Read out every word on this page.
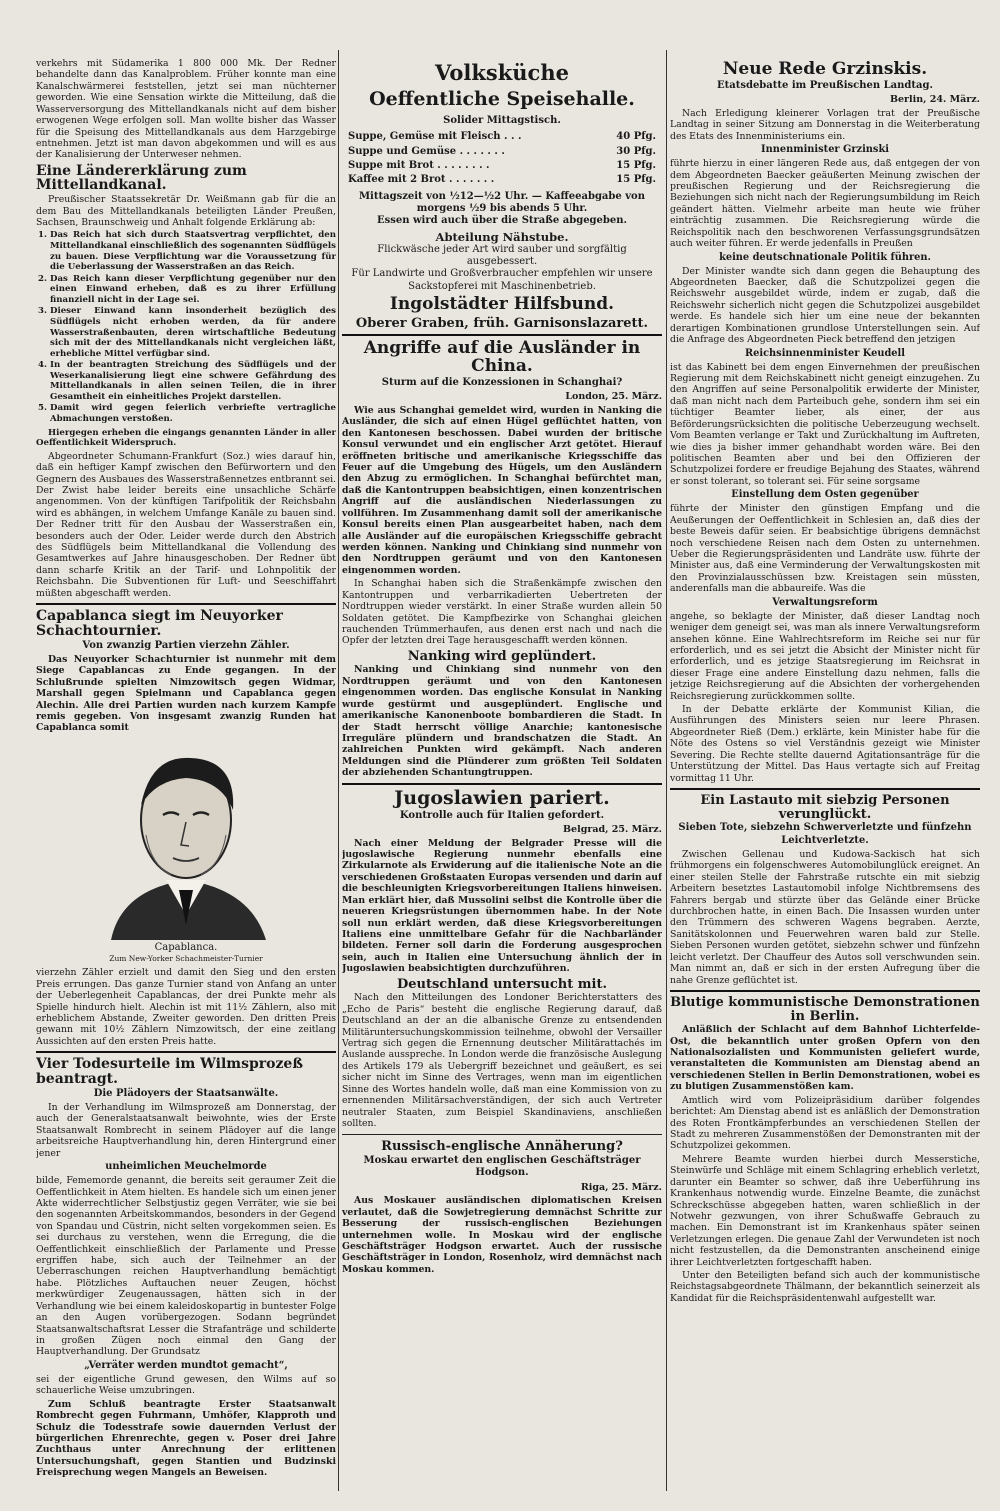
verkehrs mit Südamerika 1 800 000 Mk. Der Redner behandelte dann das Kanalproblem. Früher konnte man eine Kanalschwärmerei feststellen, jetzt sei man nüchterner geworden. Wie eine Sensation wirkte die Mitteilung, daß die Wasserversorgung des Mittellandkanals nicht auf dem bisher erwogenen Wege erfolgen soll. Man wollte bisher das Wasser für die Speisung des Mittellandkanals aus dem Harzgebirge entnehmen. Jetzt ist man davon abgekommen und will es aus der Kanalisierung der Unterweser nehmen.

Eine Ländererklärung zum Mittellandkanal.

Preußischer Staatssekretär Dr. Weißmann gab für die an dem Bau des Mittellandkanals beteiligten Länder Preußen, Sachsen, Braunschweig und Anhalt folgende Erklärung ab:

1. Das Reich hat sich durch Staatsvertrag verpflichtet, den Mittellandkanal einschließlich des sogenannten Südflügels zu bauen. Diese Verpflichtung war die Voraussetzung für die Ueberlassung der Wasserstraßen an das Reich.
2. Das Reich kann dieser Verpflichtung gegenüber nur den einen Einwand erheben, daß es zu ihrer Erfüllung finanziell nicht in der Lage sei.
3. Dieser Einwand kann insonderheit bezüglich des Südflügels nicht erhoben werden, da für andere Wasserstraßenbauten, deren wirtschaftliche Bedeutung sich mit der des Mittellandkanals nicht vergleichen läßt, erhebliche Mittel verfügbar sind.
4. In der beantragten Streichung des Südflügels und der Weserkanalisierung liegt eine schwere Gefährdung des Mittellandkanals in allen seinen Teilen, die in ihrer Gesamtheit ein einheitliches Projekt darstellen.
5. Damit wird gegen feierlich verbriefte vertragliche Abmachungen verstoßen.

Hiergegen erheben die eingangs genannten Länder in aller Oeffentlichkeit Widerspruch.

Abgeordneter Schumann-Frankfurt (Soz.) wies darauf hin, daß ein heftiger Kampf zwischen den Befürwortern und den Gegnern des Ausbaues des Wasserstraßennetzes entbrannt sei. Der Zwist habe leider bereits eine unsachliche Schärfe angenommen. Von der künftigen Tarifpolitik der Reichsbahn wird es abhängen, in welchem Umfange Kanäle zu bauen sind. Der Redner tritt für den Ausbau der Wasserstraßen ein, besonders auch der Oder. Leider werde durch den Abstrich des Südflügels beim Mittellandkanal die Vollendung des Gesamtwerkes auf Jahre hinausgeschoben. Der Redner übt dann scharfe Kritik an der Tarif- und Lohnpolitik der Reichsbahn. Die Subventionen für Luft- und Seeschiffahrt müßten abgeschafft werden.

Capablanca siegt im Neuyorker Schachtournier.
Von zwanzig Partien vierzehn Zähler.

Das Neuyorker Schachturnier ist nunmehr mit dem Siege Capablancas zu Ende gegangen. In der Schlußrunde spielten Nimzowitsch gegen Widmar, Marshall gegen Spielmann und Capablanca gegen Alechin. Alle drei Partien wurden nach kurzem Kampfe remis gegeben. Von insgesamt zwanzig Runden hat Capablanca somit

Capablanca.
Zum New-Yorker Schachmeister-Turnier

vierzehn Zähler erzielt und damit den Sieg und den ersten Preis errungen. Das ganze Turnier stand von Anfang an unter der Ueberlegenheit Capablancas, der drei Punkte mehr als Spielle hindurch hielt. Alechin ist mit 11½ Zählern, also mit erheblichem Abstande, Zweiter geworden. Den dritten Preis gewann mit 10½ Zählern Nimzowitsch, der eine zeitlang Aussichten auf den ersten Preis hatte.

Vier Todesurteile im Wilmsprozeß beantragt.
Die Plädoyers der Staatsanwälte.

In der Verhandlung im Wilmsprozeß am Donnerstag, der auch der Generalstaatsanwalt beiwohnte, wies der Erste Staatsanwalt Rombrecht in seinem Plädoyer auf die lange arbeitsreiche Hauptverhandlung hin, deren Hintergrund einer jener

unheimlichen Meuchelmorde

bilde, Fememorde genannt, die bereits seit geraumer Zeit die Oeffentlichkeit in Atem hielten. Es handele sich um einen jener Akte widerrechtlicher Selbstjustiz gegen Verräter, wie sie bei den sogenannten Arbeitskommandos, besonders in der Gegend von Spandau und Cüstrin, nicht selten vorgekommen seien. Es sei durchaus zu verstehen, wenn die Erregung, die die Oeffentlichkeit einschließlich der Parlamente und Presse ergriffen habe, sich auch der Teilnehmer an der Ueberraschungen reichen Hauptverhandlung bemächtigt habe. Plötzliches Auftauchen neuer Zeugen, höchst merkwürdiger Zeugenaussagen, hätten sich in der Verhandlung wie bei einem kaleidoskopartig in buntester Folge an den Augen vorübergezogen. Sodann begründet Staatsanwaltschaftsrat Lesser die Strafanträge und schilderte in großen Zügen noch einmal den Gang der Hauptverhandlung. Der Grundsatz

„Verräter werden mundtot gemacht“,

sei der eigentliche Grund gewesen, den Wilms auf so schauerliche Weise umzubringen.

Zum Schluß beantragte Erster Staatsanwalt Rombrecht gegen Fuhrmann, Umhöfer, Klapproth und Schulz die Todesstrafe sowie dauernden Verlust der bürgerlichen Ehrenrechte, gegen v. Poser drei Jahre Zuchthaus unter Anrechnung der erlittenen Untersuchungshaft, gegen Stantien und Budzinski Freisprechung wegen Mangels an Beweisen.

Volksküche
Oeffentliche Speisehalle.
Solider Mittagstisch.
Suppe, Gemüse mit Fleisch . . .	40 Pfg.
Suppe und Gemüse . . . . . . .	30 Pfg.
Suppe mit Brot . . . . . . . .	15 Pfg.
Kaffee mit 2 Brot . . . . . . .	15 Pfg.
Mittagszeit von ½12—½2 Uhr. — Kaffeeabgabe von morgens ½9 bis abends 5 Uhr.
Essen wird auch über die Straße abgegeben.
Abteilung Nähstube.
Flickwäsche jeder Art wird sauber und sorgfältig ausgebessert.
Für Landwirte und Großverbraucher empfehlen wir unsere Sackstopferei mit Maschinenbetrieb.
Ingolstädter Hilfsbund.
Oberer Graben, früh. Garnisonslazarett.
Angriffe auf die Ausländer in China.
Sturm auf die Konzessionen in Schanghai?
London, 25. März.

Wie aus Schanghai gemeldet wird, wurden in Nanking die Ausländer, die sich auf einen Hügel geflüchtet hatten, von den Kantonesen beschossen. Dabei wurden der britische Konsul verwundet und ein englischer Arzt getötet. Hierauf eröffneten britische und amerikanische Kriegsschiffe das Feuer auf die Umgebung des Hügels, um den Ausländern den Abzug zu ermöglichen. In Schanghai befürchtet man, daß die Kantontruppen beabsichtigen, einen konzentrischen Angriff auf die ausländischen Niederlassungen zu vollführen. Im Zusammenhang damit soll der amerikanische Konsul bereits einen Plan ausgearbeitet haben, nach dem alle Ausländer auf die europäischen Kriegsschiffe gebracht werden können. Nanking und Chinkiang sind nunmehr von den Nordtruppen geräumt und von den Kantonesen eingenommen worden.

In Schanghai haben sich die Straßenkämpfe zwischen den Kantontruppen und verbarrikadierten Uebertreten der Nordtruppen wieder verstärkt. In einer Straße wurden allein 50 Soldaten getötet. Die Kampfbezirke von Schanghai gleichen rauchenden Trümmerhaufen, aus denen erst nach und nach die Opfer der letzten drei Tage herausgeschafft werden können.

Nanking wird geplündert.

Nanking und Chinkiang sind nunmehr von den Nordtruppen geräumt und von den Kantonesen eingenommen worden. Das englische Konsulat in Nanking wurde gestürmt und ausgeplündert. Englische und amerikanische Kanonenboote bombardieren die Stadt. In der Stadt herrscht völlige Anarchie; kantonesische Irreguläre plündern und brandschatzen die Stadt. An zahlreichen Punkten wird gekämpft. Nach anderen Meldungen sind die Plünderer zum größten Teil Soldaten der abziehenden Schantungtruppen.

Jugoslawien pariert.
Kontrolle auch für Italien gefordert.
Belgrad, 25. März.

Nach einer Meldung der Belgrader Presse will die jugoslawische Regierung nunmehr ebenfalls eine Zirkularnote als Erwiderung auf die italienische Note an die verschiedenen Großstaaten Europas versenden und darin auf die beschleunigten Kriegsvorbereitungen Italiens hinweisen. Man erklärt hier, daß Mussolini selbst die Kontrolle über die neueren Kriegsrüstungen übernommen habe. In der Note soll nun erklärt werden, daß diese Kriegsvorbereitungen Italiens eine unmittelbare Gefahr für die Nachbarländer bildeten. Ferner soll darin die Forderung ausgesprochen sein, auch in Italien eine Untersuchung ähnlich der in Jugoslawien beabsichtigten durchzuführen.

Deutschland untersucht mit.

Nach den Mitteilungen des Londoner Berichterstatters des „Echo de Paris“ besteht die englische Regierung darauf, daß Deutschland an der an die albanische Grenze zu entsendenden Militäruntersuchungskommission teilnehme, obwohl der Versailler Vertrag sich gegen die Ernennung deutscher Militärattachés im Auslande ausspreche. In London werde die französische Auslegung des Artikels 179 als Uebergriff bezeichnet und geäußert, es sei sicher nicht im Sinne des Vertrages, wenn man im eigentlichen Sinne des Wortes handeln wolle, daß man eine Kommission von zu ernennenden Militärsachverständigen, der sich auch Vertreter neutraler Staaten, zum Beispiel Skandinaviens, anschließen sollten.

Russisch-englische Annäherung?
Moskau erwartet den englischen Geschäftsträger Hodgson.
Riga, 25. März.

Aus Moskauer ausländischen diplomatischen Kreisen verlautet, daß die Sowjetregierung demnächst Schritte zur Besserung der russisch-englischen Beziehungen unternehmen wolle. In Moskau wird der englische Geschäftsträger Hodgson erwartet. Auch der russische Geschäftsträger in London, Rosenholz, wird demnächst nach Moskau kommen.

Neue Rede Grzinskis.
Etatsdebatte im Preußischen Landtag.
Berlin, 24. März.

Nach Erledigung kleinerer Vorlagen trat der Preußische Landtag in seiner Sitzung am Donnerstag in die Weiterberatung des Etats des Innenministeriums ein.

Innenminister Grzinski

führte hierzu in einer längeren Rede aus, daß entgegen der von dem Abgeordneten Baecker geäußerten Meinung zwischen der preußischen Regierung und der Reichsregierung die Beziehungen sich nicht nach der Regierungsumbildung im Reich geändert hätten. Vielmehr arbeite man heute wie früher einträchtig zusammen. Die Reichsregierung würde die Reichspolitik nach den beschworenen Verfassungsgrundsätzen auch weiter führen. Er werde jedenfalls in Preußen

keine deutschnationale Politik führen.

Der Minister wandte sich dann gegen die Behauptung des Abgeordneten Baecker, daß die Schutzpolizei gegen die Reichswehr ausgebildet würde, indem er zugab, daß die Reichswehr sicherlich nicht gegen die Schutzpolizei ausgebildet werde. Es handele sich hier um eine neue der bekannten derartigen Kombinationen grundlose Unterstellungen sein. Auf die Anfrage des Abgeordneten Pieck betreffend den jetzigen

Reichsinnenminister Keudell

ist das Kabinett bei dem engen Einvernehmen der preußischen Regierung mit dem Reichskabinett nicht geneigt einzugehen. Zu den Angriffen auf seine Personalpolitik erwiderte der Minister, daß man nicht nach dem Parteibuch gehe, sondern ihm sei ein tüchtiger Beamter lieber, als einer, der aus Beförderungsrücksichten die politische Ueberzeugung wechselt. Vom Beamten verlange er Takt und Zurückhaltung im Auftreten, wie dies ja bisher immer gehandhabt worden wäre. Bei den politischen Beamten aber und bei den Offizieren der Schutzpolizei fordere er freudige Bejahung des Staates, während er sonst tolerant, so tolerant sei. Für seine sorgsame

Einstellung dem Osten gegenüber

führte der Minister den günstigen Empfang und die Aeußerungen der Oeffentlichkeit in Schlesien an, daß dies der beste Beweis dafür seien. Er beabsichtige übrigens demnächst noch verschiedene Reisen nach dem Osten zu unternehmen. Ueber die Regierungspräsidenten und Landräte usw. führte der Minister aus, daß eine Verminderung der Verwaltungskosten mit den Provinzialausschüssen bzw. Kreistagen sein müssten, anderenfalls man die abbaureife. Was die

Verwaltungsreform

angehe, so beklagte der Minister, daß dieser Landtag noch weniger dem geneigt sei, was man als innere Verwaltungsreform ansehen könne. Eine Wahlrechtsreform im Reiche sei nur für erforderlich, und es sei jetzt die Absicht der Minister nicht für erforderlich, und es jetzige Staatsregierung im Reichsrat in dieser Frage eine andere Einstellung dazu nehmen, falls die jetzige Reichsregierung auf die Absichten der vorhergehenden Reichsregierung zurückkommen sollte.

In der Debatte erklärte der Kommunist Kilian, die Ausführungen des Ministers seien nur leere Phrasen. Abgeordneter Rieß (Dem.) erklärte, kein Minister habe für die Nöte des Ostens so viel Verständnis gezeigt wie Minister Severing. Die Rechte stellte dauernd Agitationsanträge für die Unterstützung der Mittel. Das Haus vertagte sich auf Freitag vormittag 11 Uhr.

Ein Lastauto mit siebzig Personen verunglückt.
Sieben Tote, siebzehn Schwerverletzte und fünfzehn Leichtverletzte.

Zwischen Gellenau und Kudowa-Sackisch hat sich frühmorgens ein folgenschweres Automobilunglück ereignet. An einer steilen Stelle der Fahrstraße rutschte ein mit siebzig Arbeitern besetztes Lastautomobil infolge Nichtbremsens des Fahrers bergab und stürzte über das Gelände einer Brücke durchbrochen hatte, in einen Bach. Die Insassen wurden unter den Trümmern des schweren Wagens begraben. Aerzte, Sanitätskolonnen und Feuerwehren waren bald zur Stelle. Sieben Personen wurden getötet, siebzehn schwer und fünfzehn leicht verletzt. Der Chauffeur des Autos soll verschwunden sein. Man nimmt an, daß er sich in der ersten Aufregung über die nahe Grenze geflüchtet ist.

Blutige kommunistische Demonstrationen in Berlin.

Anläßlich der Schlacht auf dem Bahnhof Lichterfelde-Ost, die bekanntlich unter großen Opfern von den Nationalsozialisten und Kommunisten geliefert wurde, veranstalteten die Kommunisten am Dienstag abend an verschiedenen Stellen in Berlin Demonstrationen, wobei es zu blutigen Zusammenstößen kam.

Amtlich wird vom Polizeipräsidium darüber folgendes berichtet: Am Dienstag abend ist es anläßlich der Demonstration des Roten Frontkämpferbundes an verschiedenen Stellen der Stadt zu mehreren Zusammenstößen der Demonstranten mit der Schutzpolizei gekommen.

Mehrere Beamte wurden hierbei durch Messerstiche, Steinwürfe und Schläge mit einem Schlagring erheblich verletzt, darunter ein Beamter so schwer, daß ihre Ueberführung ins Krankenhaus notwendig wurde. Einzelne Beamte, die zunächst Schreckschüsse abgegeben hatten, waren schließlich in der Notwehr gezwungen, von ihrer Schußwaffe Gebrauch zu machen. Ein Demonstrant ist im Krankenhaus später seinen Verletzungen erlegen. Die genaue Zahl der Verwundeten ist noch nicht festzustellen, da die Demonstranten anscheinend einige ihrer Leichtverletzten fortgeschafft haben.

Unter den Beteiligten befand sich auch der kommunistische Reichstagsabgeordnete Thälmann, der bekanntlich seinerzeit als Kandidat für die Reichspräsidentenwahl aufgestellt war.
